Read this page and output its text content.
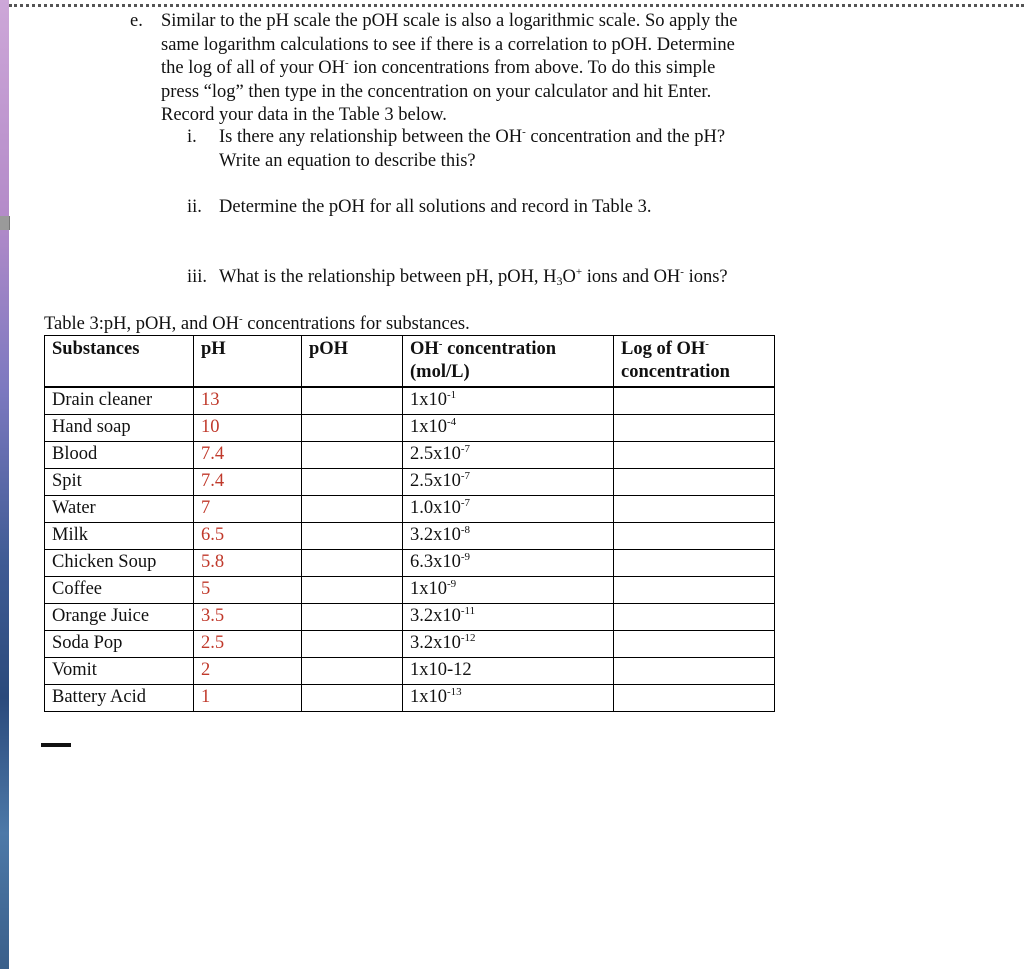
e. Similar to the pH scale the pOH scale is also a logarithmic scale. So apply the
same logarithm calculations to see if there is a correlation to pOH. Determine
the log of all of your OH- ion concentrations from above. To do this simple
press “log” then type in the concentration on your calculator and hit Enter.
Record your data in the Table 3 below.
i. Is there any relationship between the OH- concentration and the pH?
Write an equation to describe this?
ii. Determine the pOH for all solutions and record in Table 3.
iii. What is the relationship between pH, pOH, $H_3O^+$ ions and OH- ions?
Table 3:pH, pOH, and OH- concentrations for substances.
Substances	pH	pOH	OH- concentration (mol/L)	Log of OH- concentration
Drain cleaner	13		$1x10^{-1}$	
Hand soap	10		$1x10^{-4}$	
Blood	7.4		$2.5x10^{-7}$	
Spit	7.4		$2.5x10^{-7}$	
Water	7		$1.0x10^{-7}$	
Milk	6.5		$3.2x10^{-8}$	
Chicken Soup	5.8		$6.3x10^{-9}$	
Coffee	5		$1x10^{-9}$	
Orange Juice	3.5		$3.2x10^{-11}$	
Soda Pop	2.5		$3.2x10^{-12}$	
Vomit	2		1x10-12	
Battery Acid	1		$1x10^{-13}$	
